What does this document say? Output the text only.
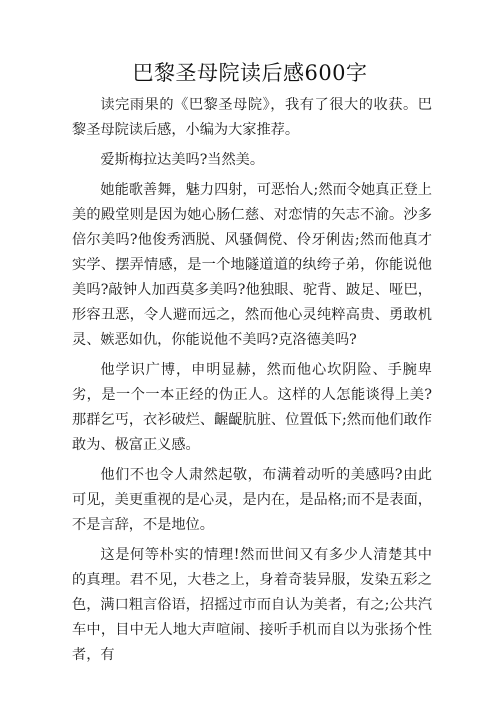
巴黎圣母院读后感600字

读完雨果的《巴黎圣母院》，我有了很大的收获。巴黎圣母院读后感，小编为大家推荐。

爱斯梅拉达美吗?当然美。

她能歌善舞，魅力四射，可恶怡人;然而令她真正登上美的殿堂则是因为她心肠仁慈、对恋情的矢志不渝。沙多倍尔美吗?他俊秀洒脱、风骚倜傥、伶牙俐齿;然而他真才实学、摆弄情感，是一个地隧道道的纨绔子弟，你能说他美吗?敲钟人加西莫多美吗?他独眼、驼背、跛足、哑巴，形容丑恶，令人避而远之，然而他心灵纯粹高贵、勇敢机灵、嫉恶如仇，你能说他不美吗?克洛德美吗?

他学识广博，申明显赫，然而他心坎阴险、手腕卑劣，是一个一本正经的伪正人。这样的人怎能谈得上美?那群乞丐，衣衫破烂、齷齪肮脏、位置低下;然而他们敢作敢为、极富正义感。

他们不也令人肃然起敬，布满着动听的美感吗?由此可见，美更重视的是心灵，是内在，是品格;而不是表面，不是言辞，不是地位。

这是何等朴实的情理!然而世间又有多少人清楚其中的真理。君不见，大巷之上，身着奇装异服，发染五彩之色，满口粗言俗语，招摇过市而自认为美者，有之;公共汽车中，目中无人地大声喧闹、接听手机而自以为张扬个性者，有
